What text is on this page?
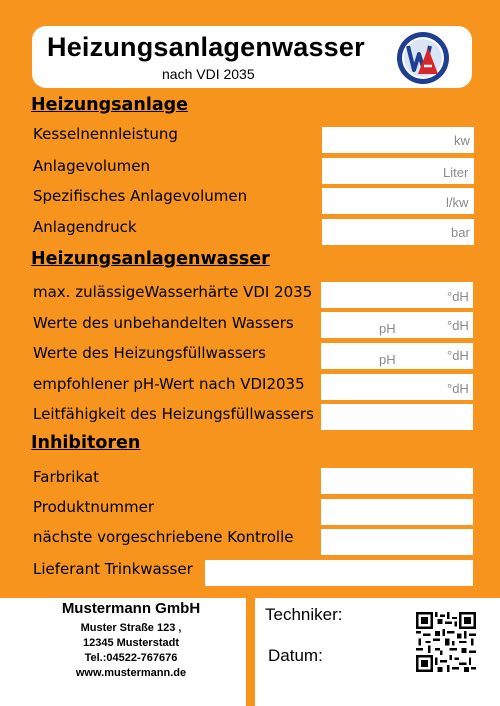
Heizungsanlagenwasser
nach VDI 2035
Heizungsanlage
Kesselnennleistung	kw
Anlagevolumen	Liter
Spezifisches Anlagevolumen	l/kw
Anlagendruck	bar
Heizungsanlagenwasser
max. zulässigeWasserhärte VDI 2035	°dH
Werte des unbehandelten Wassers	pH	°dH
Werte des Heizungsfüllwassers	pH	°dH
empfohlener pH-Wert nach VDI2035	°dH
Leitfähigkeit des Heizungsfüllwassers
Inhibitoren
Farbrikat
Produktnummer
nächste vorgeschriebene Kontrolle
Lieferant Trinkwasser
Mustermann GmbH
Muster Straße 123 ,
12345 Musterstadt
Tel.:04522-767676
www.mustermann.de
Techniker:
Datum:
